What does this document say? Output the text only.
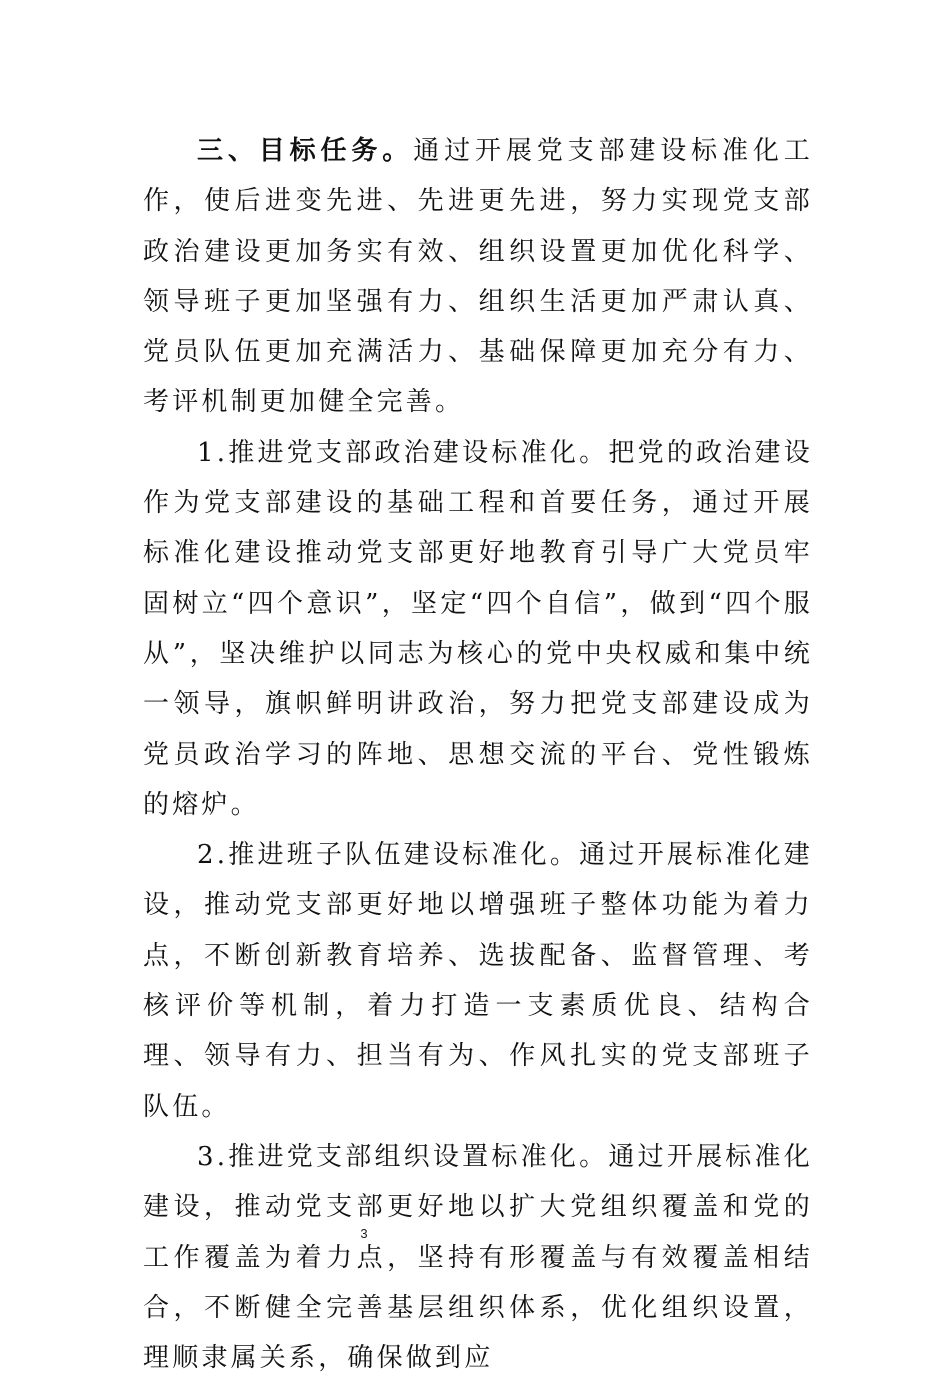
三、目标任务。通过开展党支部建设标准化工作，使后进变先进、先进更先进，努力实现党支部政治建设更加务实有效、组织设置更加优化科学、领导班子更加坚强有力、组织生活更加严肃认真、党员队伍更加充满活力、基础保障更加充分有力、考评机制更加健全完善。

1.推进党支部政治建设标准化。把党的政治建设作为党支部建设的基础工程和首要任务，通过开展标准化建设推动党支部更好地教育引导广大党员牢固树立“四个意识”，坚定“四个自信”，做到“四个服从”，坚决维护以同志为核心的党中央权威和集中统一领导，旗帜鲜明讲政治，努力把党支部建设成为党员政治学习的阵地、思想交流的平台、党性锻炼的熔炉。

2.推进班子队伍建设标准化。通过开展标准化建设，推动党支部更好地以增强班子整体功能为着力点，不断创新教育培养、选拔配备、监督管理、考核评价等机制，着力打造一支素质优良、结构合理、领导有力、担当有为、作风扎实的党支部班子队伍。

3.推进党支部组织设置标准化。通过开展标准化建设，推动党支部更好地以扩大党组织覆盖和党的工作覆盖为着力点，坚持有形覆盖与有效覆盖相结合，不断健全完善基层组织体系，优化组织设置，理顺隶属关系，确保做到应

3
